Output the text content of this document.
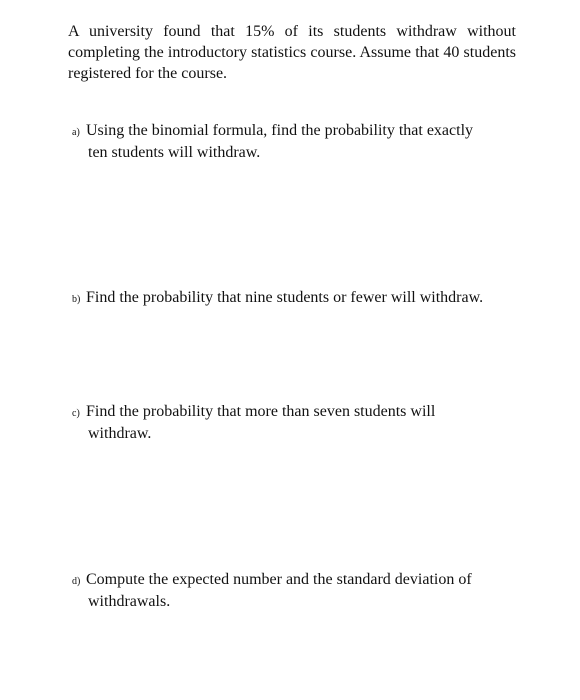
A university found that 15% of its students withdraw without completing the introductory statistics course. Assume that 40 students registered for the course.

a) Using the binomial formula, find the probability that exactly
ten students will withdraw.
b) Find the probability that nine students or fewer will withdraw.
c) Find the probability that more than seven students will
withdraw.
d) Compute the expected number and the standard deviation of
withdrawals.
